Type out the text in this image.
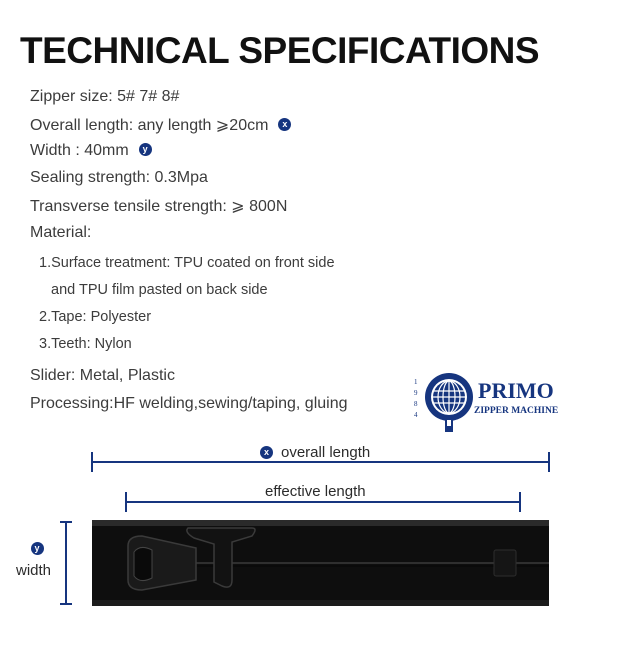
TECHNICAL SPECIFICATIONS
Zipper size: 5# 7# 8#
Overall length: any length ⩾20cm x
Width : 40mm y
Sealing strength: 0.3Mpa
Transverse tensile strength: ⩾ 800N
Material:
1.Surface treatment: TPU coated on front side
and TPU film pasted on back side
2.Tape: Polyester
3.Teeth: Nylon
Slider: Metal, Plastic
Processing:HF welding,sewing/taping, gluing
1
9
8
4
PRIMO
ZIPPER MACHINE
x overall length
effective length
y
width
